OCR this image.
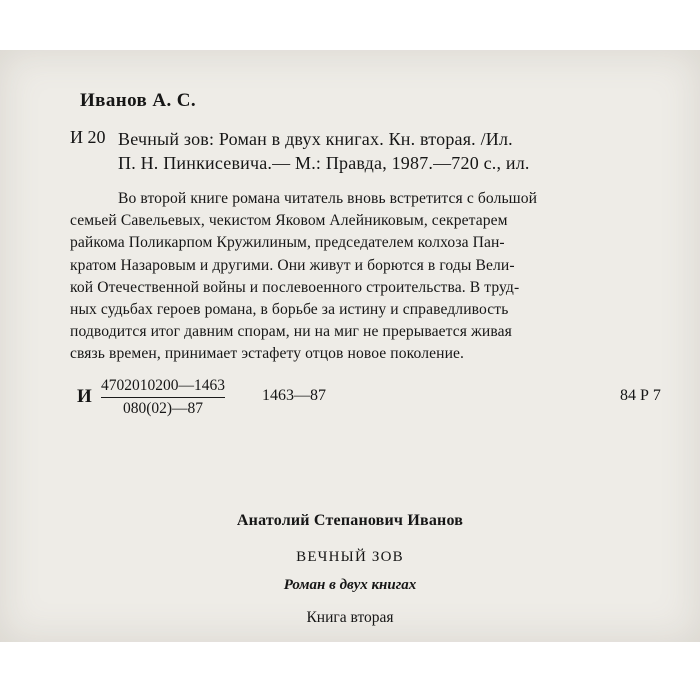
Иванов А. С.

И 20 Вечный зов: Роман в двух книгах. Кн. вторая. /Ил.
П. Н. Пинкисевича.— М.: Правда, 1987.—720 с., ил.

Во второй книге романа читатель вновь встретится с большой
семьей Савельевых, чекистом Яковом Алейниковым, секретарем
райкома Поликарпом Кружилиным, председателем колхоза Пан-
кратом Назаровым и другими. Они живут и борются в годы Вели-
кой Отечественной войны и послевоенного строительства. В труд-
ных судьбах героев романа, в борьбе за истину и справедливость
подводится итог давним спорам, ни на миг не прерывается живая
связь времен, принимает эстафету отцов новое поколение.

И $\frac{4702010200—1463}{080(02)—87}$ 1463—87	84 Р 7

Анатолий Степанович Иванов

ВЕЧНЫЙ ЗОВ

Роман в двух книгах

Книга вторая
